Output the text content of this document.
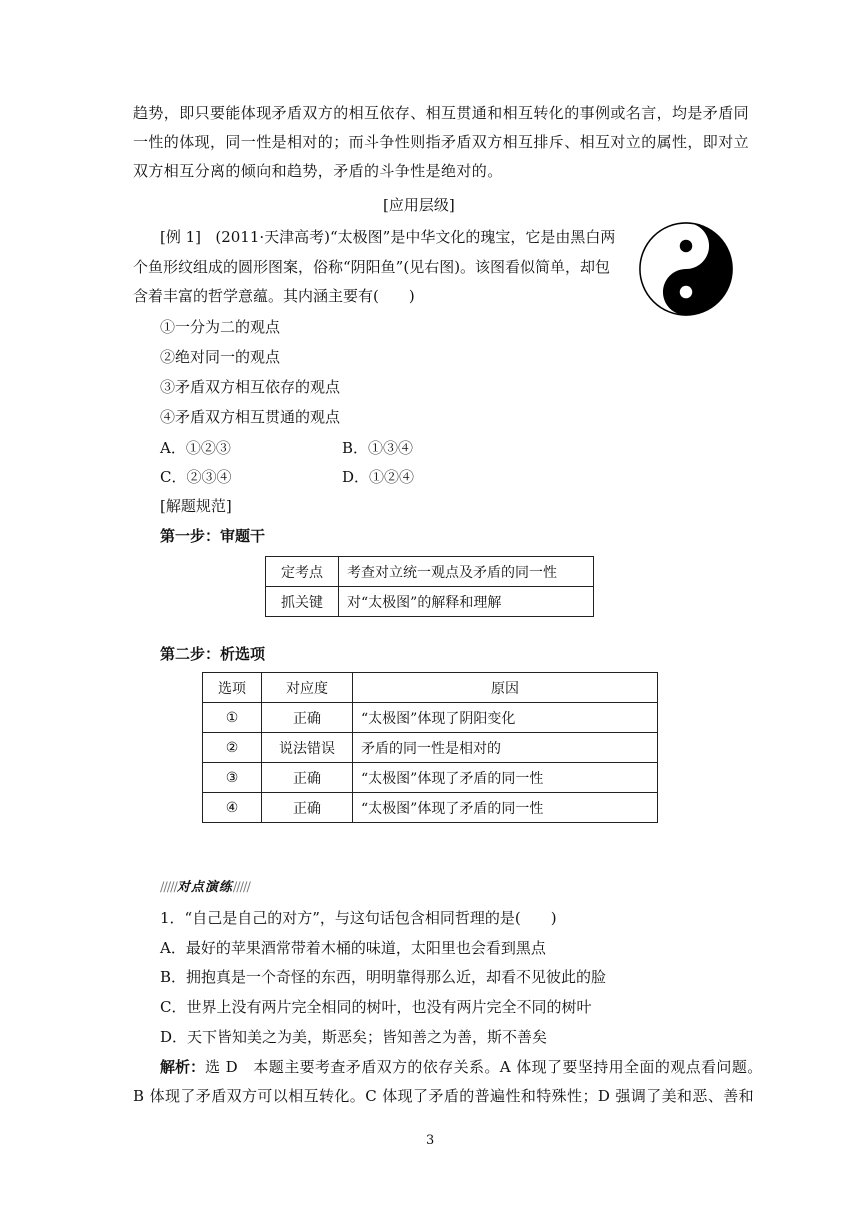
趋势，即只要能体现矛盾双方的相互依存、相互贯通和相互转化的事例或名言，均是矛盾同
一性的体现，同一性是相对的；而斗争性则指矛盾双方相互排斥、相互对立的属性，即对立
双方相互分离的倾向和趋势，矛盾的斗争性是绝对的。
[应用层级]
[例 1] (2011·天津高考)“太极图”是中华文化的瑰宝，它是由黑白两
个鱼形纹组成的圆形图案，俗称“阴阳鱼”(见右图)。该图看似简单，却包
含着丰富的哲学意蕴。其内涵主要有(　　)
①一分为二的观点
②绝对同一的观点
③矛盾双方相互依存的观点
④矛盾双方相互贯通的观点
A．①②③	B．①③④
C．②③④	D．①②④
[解题规范]
第一步：审题干
定考点	考查对立统一观点及矛盾的同一性
抓关键	对“太极图”的解释和理解
第二步：析选项
选项	对应度	原因
①	正确	“太极图”体现了阴阳变化
②	说法错误	矛盾的同一性是相对的
③	正确	“太极图”体现了矛盾的同一性
④	正确	“太极图”体现了矛盾的同一性
/////对点演练/////
1．“自己是自己的对方”，与这句话包含相同哲理的是(　　)
A．最好的苹果酒常带着木桶的味道，太阳里也会看到黑点
B．拥抱真是一个奇怪的东西，明明靠得那么近，却看不见彼此的脸
C．世界上没有两片完全相同的树叶，也没有两片完全不同的树叶
D．天下皆知美之为美，斯恶矣；皆知善之为善，斯不善矣
解析：选 D　本题主要考查矛盾双方的依存关系。A 体现了要坚持用全面的观点看问题。
B 体现了矛盾双方可以相互转化。C 体现了矛盾的普遍性和特殊性；D 强调了美和恶、善和
3
